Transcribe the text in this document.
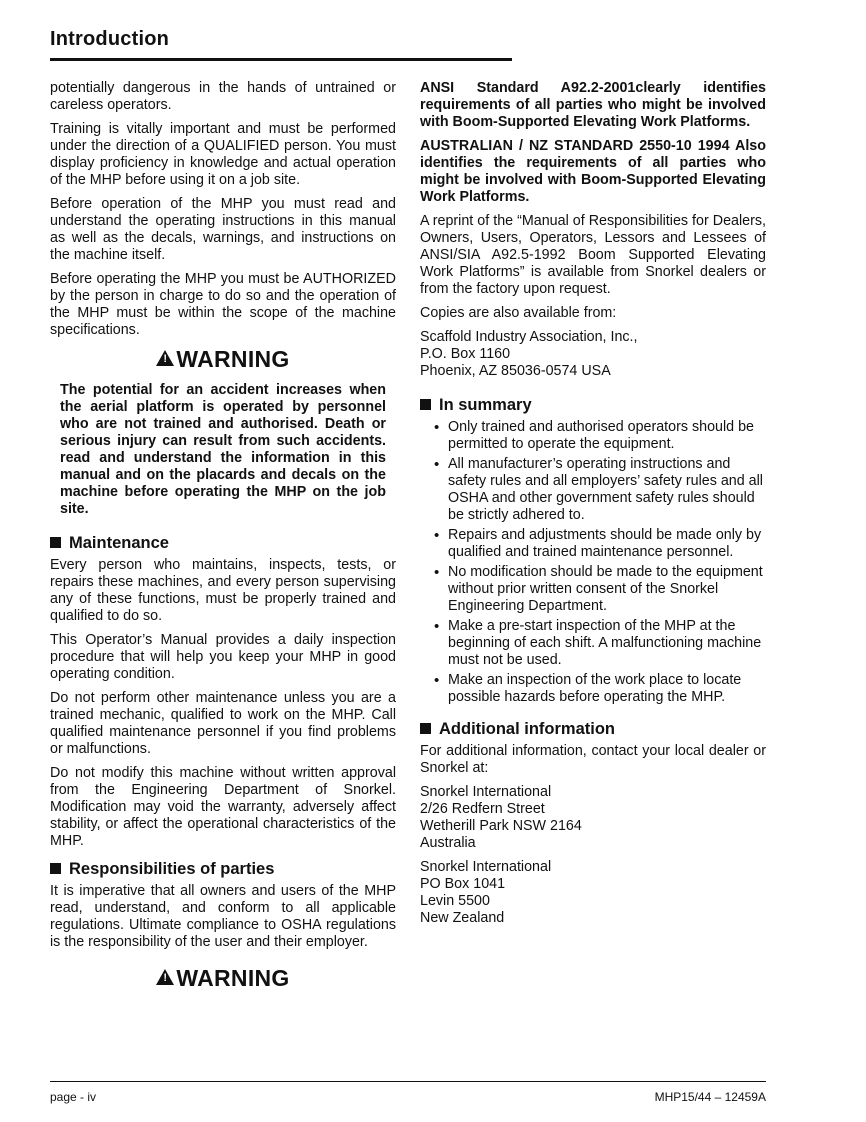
Introduction

potentially dangerous in the hands of untrained or careless operators.

Training is vitally important and must be performed under the direction of a QUALIFIED person. You must display proficiency in knowledge and actual operation of the MHP before using it on a job site.

Before operation of the MHP you must read and understand the operating instructions in this manual as well as the decals, warnings, and instructions on the machine itself.

Before operating the MHP you must be AUTHORIZED by the person in charge to do so and the operation of the MHP must be within the scope of the machine specifications.

!WARNING

The potential for an accident increases when the aerial platform is operated by personnel who are not trained and authorised. Death or serious injury can result from such accidents. read and understand the information in this manual and on the placards and decals on the machine before operating the MHP on the job site.

Maintenance

Every person who maintains, inspects, tests, or repairs these machines, and every person supervising any of these functions, must be properly trained and qualified to do so.

This Operator’s Manual provides a daily inspection procedure that will help you keep your MHP in good operating condition.

Do not perform other maintenance unless you are a trained mechanic, qualified to work on the MHP. Call qualified maintenance personnel if you find problems or malfunctions.

Do not modify this machine without written approval from the Engineering Department of Snorkel. Modification may void the warranty, adversely affect stability, or affect the operational characteristics of the MHP.

Responsibilities of parties

It is imperative that all owners and users of the MHP read, understand, and conform to all applicable regulations. Ultimate compliance to OSHA regulations is the responsibility of the user and their employer.

!WARNING

ANSI Standard A92.2-2001clearly identifies requirements of all parties who might be involved with Boom-Supported Elevating Work Platforms.

AUSTRALIAN / NZ STANDARD 2550-10 1994 Also identifies the requirements of all parties who might be involved with Boom-Supported Elevating Work Platforms.

A reprint of the “Manual of Responsibilities for Dealers, Owners, Users, Operators, Lessors and Lessees of ANSI/SIA A92.5-1992 Boom Supported Elevating Work Platforms” is available from Snorkel dealers or from the factory upon request.

Copies are also available from:

Scaffold Industry Association, Inc.,
P.O. Box 1160
Phoenix, AZ 85036-0574 USA
In summary
• Only trained and authorised operators should be permitted to operate the equipment.
• All manufacturer’s operating instructions and safety rules and all employers’ safety rules and all OSHA and other government safety rules should be strictly adhered to.
• Repairs and adjustments should be made only by qualified and trained maintenance personnel.
• No modification should be made to the equipment without prior written consent of the Snorkel Engineering Department.
• Make a pre-start inspection of the MHP at the beginning of each shift. A malfunctioning machine must not be used.
• Make an inspection of the work place to locate possible hazards before operating the MHP.
Additional information

For additional information, contact your local dealer or Snorkel at:

Snorkel International
2/26 Redfern Street
Wetherill Park NSW 2164
Australia
Snorkel International
PO Box 1041
Levin 5500
New Zealand
page - iv	MHP15/44 – 12459A
